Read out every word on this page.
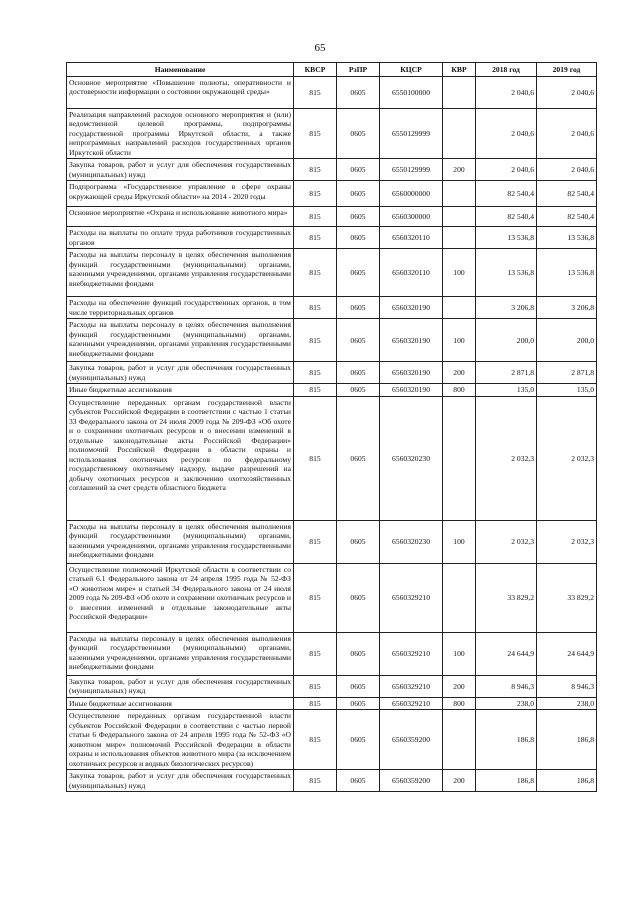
65
Наименование	КВСР	РзПР	КЦСР	КВР	2018 год	2019 год
Основное мероприятие «Повышение полноты, оперативности и достоверности информации о состоянии окружающей среды»	815	0605	6550100000		2 040,6	2 040,6
Реализация направлений расходов основного мероприятия и (или) ведомственной целевой программы, подпрограммы государственной программы Иркутской области, а также непрограммных направлений расходов государственных органов Иркутской области	815	0605	6550129999		2 040,6	2 040,6
Закупка товаров, работ и услуг для обеспечения государственных (муниципальных) нужд	815	0605	6550129999	200	2 040,6	2 040,6
Подпрограмма «Государственное управление в сфере охраны окружающей среды Иркутской области» на 2014 - 2020 годы	815	0605	6560000000		82 540,4	82 540,4
Основное мероприятие «Охрана и использование животного мира»	815	0605	6560300000		82 540,4	82 540,4
Расходы на выплаты по оплате труда работников государственных органов	815	0605	6560320110		13 536,8	13 536,8
Расходы на выплаты персоналу в целях обеспечения выполнения функций государственными (муниципальными) органами, казенными учреждениями, органами управления государственными внебюджетными фондами	815	0605	6560320110	100	13 536,8	13 536,8
Расходы на обеспечение функций государственных органов, в том числе территориальных органов	815	0605	6560320190		3 206,8	3 206,8
Расходы на выплаты персоналу в целях обеспечения выполнения функций государственными (муниципальными) органами, казенными учреждениями, органами управления государственными внебюджетными фондами	815	0605	6560320190	100	200,0	200,0
Закупка товаров, работ и услуг для обеспечения государственных (муниципальных) нужд	815	0605	6560320190	200	2 871,8	2 871,8
Иные бюджетные ассигнования	815	0605	6560320190	800	135,0	135,0
Осуществление переданных органам государственной власти субъектов Российской Федерации в соответствии с частью 1 статьи 33 Федерального закона от 24 июля 2009 года № 209-ФЗ «Об охоте и о сохранении охотничьих ресурсов и о внесении изменений в отдельные законодательные акты Российской Федерации» полномочий Российской Федерации в области охраны и использования охотничьих ресурсов по федеральному государственному охотничьему надзору, выдаче разрешений на добычу охотничьих ресурсов и заключению охотхозяйственных соглашений за счет средств областного бюджета	815	0605	6560320230		2 032,3	2 032,3
Расходы на выплаты персоналу в целях обеспечения выполнения функций государственными (муниципальными) органами, казенными учреждениями, органами управления государственными внебюджетными фондами	815	0605	6560320230	100	2 032,3	2 032,3
Осуществление полномочий Иркутской области в соответствии со статьей 6.1 Федерального закона от 24 апреля 1995 года № 52-ФЗ «О животном мире» и статьей 34 Федерального закона от 24 июля 2009 года № 209-ФЗ «Об охоте и сохранении охотничьих ресурсов и о внесении изменений в отдельные законодательные акты Российской Федерации»	815	0605	6560329210		33 829,2	33 829,2
Расходы на выплаты персоналу в целях обеспечения выполнения функций государственными (муниципальными) органами, казенными учреждениями, органами управления государственными внебюджетными фондами	815	0605	6560329210	100	24 644,9	24 644,9
Закупка товаров, работ и услуг для обеспечения государственных (муниципальных) нужд	815	0605	6560329210	200	8 946,3	8 946,3
Иные бюджетные ассигнования	815	0605	6560329210	800	238,0	238,0
Осуществление переданных органам государственной власти субъектов Российской Федерации в соответствии с частью первой статьи 6 Федерального закона от 24 апреля 1995 года № 52-ФЗ «О животном мире» полномочий Российской Федерации в области охраны и использования объектов животного мира (за исключением охотничьих ресурсов и водных биологических ресурсов)	815	0605	6560359200		186,8	186,8
Закупка товаров, работ и услуг для обеспечения государственных (муниципальных) нужд	815	0605	6560359200	200	186,8	186,8
